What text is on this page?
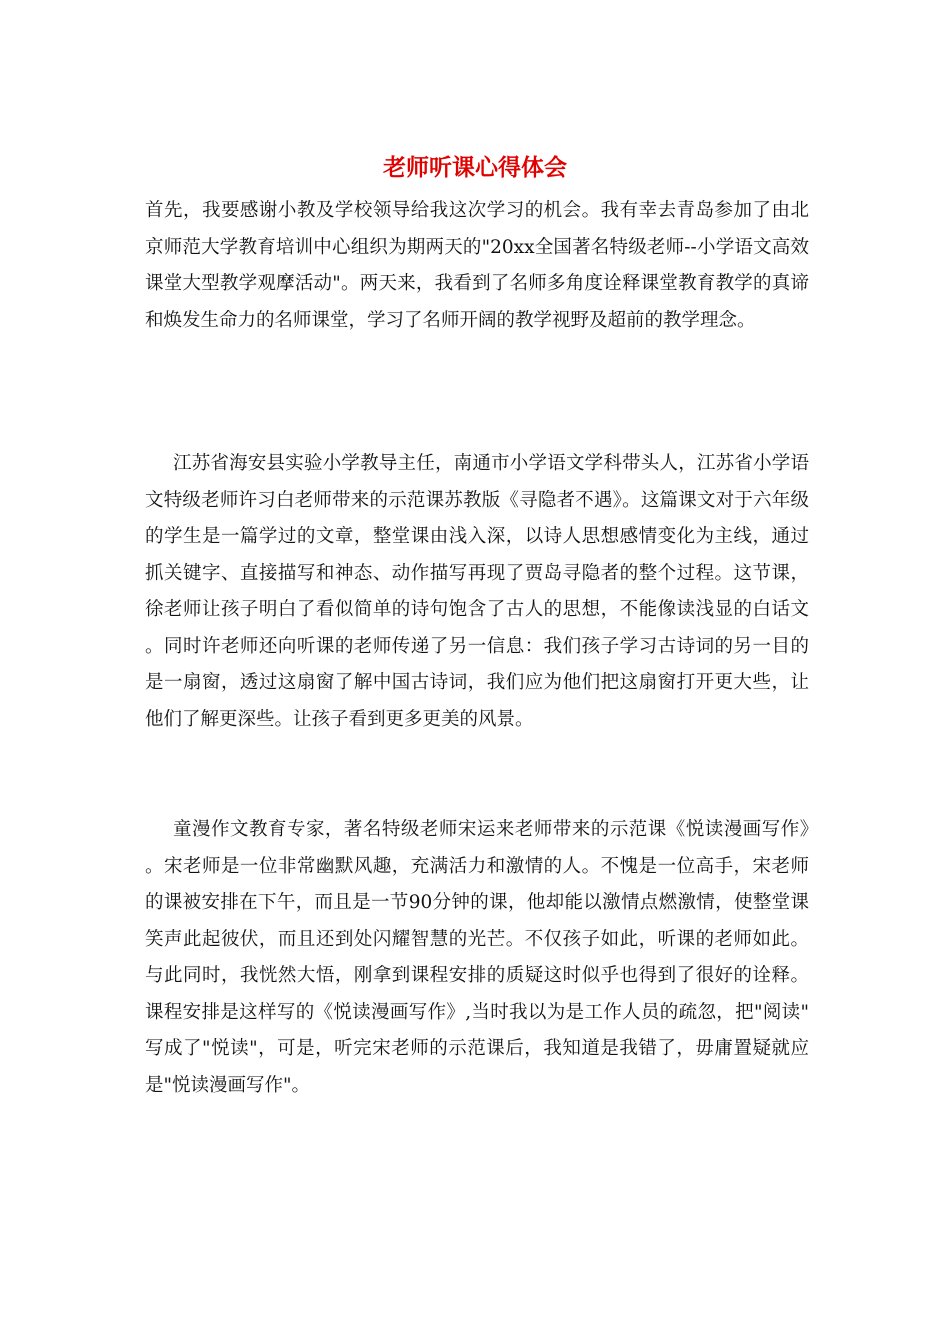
老师听课心得体会

首先，我要感谢小教及学校领导给我这次学习的机会。我有幸去青岛参加了由北京师范大学教育培训中心组织为期两天的"20xx全国著名特级老师--小学语文高效课堂大型教学观摩活动"。两天来，我看到了名师多角度诠释课堂教育教学的真谛和焕发生命力的名师课堂，学习了名师开阔的教学视野及超前的教学理念。

江苏省海安县实验小学教导主任，南通市小学语文学科带头人，江苏省小学语文特级老师许习白老师带来的示范课苏教版《寻隐者不遇》。这篇课文对于六年级的学生是一篇学过的文章，整堂课由浅入深，以诗人思想感情变化为主线，通过抓关键字、直接描写和神态、动作描写再现了贾岛寻隐者的整个过程。这节课，徐老师让孩子明白了看似简单的诗句饱含了古人的思想，不能像读浅显的白话文。同时许老师还向听课的老师传递了另一信息：我们孩子学习古诗词的另一目的是一扇窗，透过这扇窗了解中国古诗词，我们应为他们把这扇窗打开更大些，让他们了解更深些。让孩子看到更多更美的风景。

童漫作文教育专家，著名特级老师宋运来老师带来的示范课《悦读漫画写作》。宋老师是一位非常幽默风趣，充满活力和激情的人。不愧是一位高手，宋老师的课被安排在下午，而且是一节90分钟的课，他却能以激情点燃激情，使整堂课笑声此起彼伏，而且还到处闪耀智慧的光芒。不仅孩子如此，听课的老师如此。与此同时，我恍然大悟，刚拿到课程安排的质疑这时似乎也得到了很好的诠释。课程安排是这样写的《悦读漫画写作》,当时我以为是工作人员的疏忽，把"阅读"写成了"悦读"，可是，听完宋老师的示范课后，我知道是我错了，毋庸置疑就应是"悦读漫画写作"。
